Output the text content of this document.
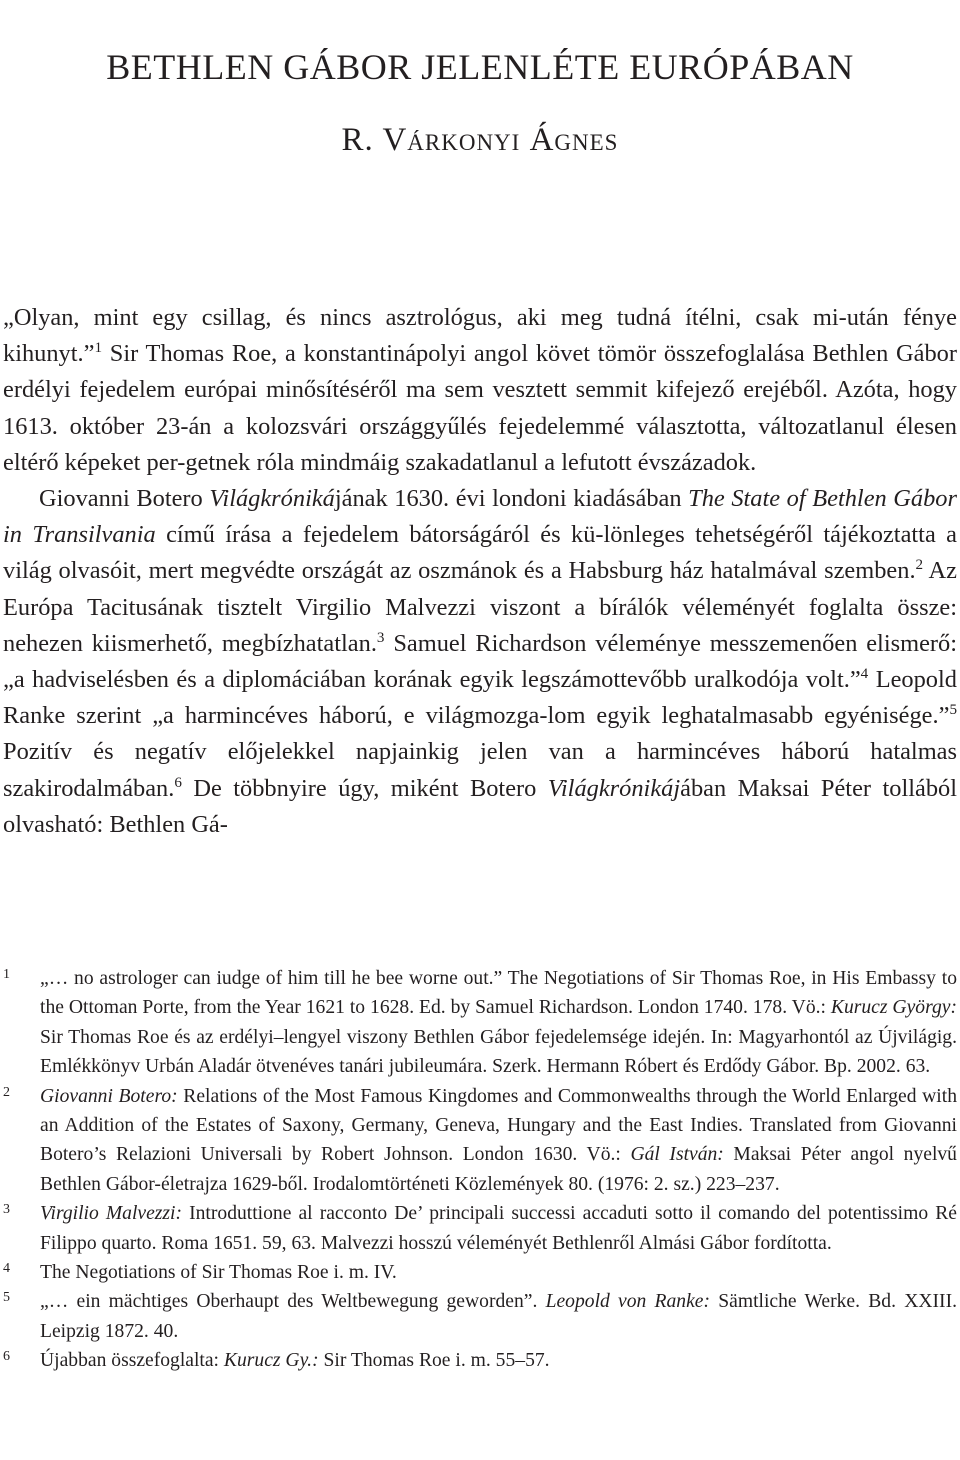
BETHLEN GÁBOR JELENLÉTE EURÓPÁBAN
R. Várkonyi Ágnes

„Olyan, mint egy csillag, és nincs asztrológus, aki meg tudná ítélni, csak mi-után fénye kihunyt.”$^1$ Sir Thomas Roe, a konstantinápolyi angol követ tömör összefoglalása Bethlen Gábor erdélyi fejedelem európai minősítéséről ma sem vesztett semmit kifejező erejéből. Azóta, hogy 1613. október 23-án a kolozsvári országgyűlés fejedelemmé választotta, változatlanul élesen eltérő képeket per-getnek róla mindmáig szakadatlanul a lefutott évszázadok.

Giovanni Botero Világkrónikájának 1630. évi londoni kiadásában The State of Bethlen Gábor in Transilvania című írása a fejedelem bátorságáról és kü-lönleges tehetségéről tájékoztatta a világ olvasóit, mert megvédte országát az oszmánok és a Habsburg ház hatalmával szemben.$^2$ Az Európa Tacitusának tisztelt Virgilio Malvezzi viszont a bírálók véleményét foglalta össze: nehezen kiismerhető, megbízhatatlan.$^3$ Samuel Richardson véleménye messzemenően elismerő: „a hadviselésben és a diplomáciában korának egyik legszámottevőbb uralkodója volt.”$^4$ Leopold Ranke szerint „a harmincéves háború, e világmozga-lom egyik leghatalmasabb egyénisége.”$^5$ Pozitív és negatív előjelekkel napjainkig jelen van a harmincéves háború hatalmas szakirodalmában.$^6$ De többnyire úgy, miként Botero Világkrónikájában Maksai Péter tollából olvasható: Bethlen Gá-

1 „… no astrologer can iudge of him till he bee worne out.” The Negotiations of Sir Thomas Roe, in His Embassy to the Ottoman Porte, from the Year 1621 to 1628. Ed. by Samuel Richardson. London 1740. 178. Vö.: Kurucz György: Sir Thomas Roe és az erdélyi–lengyel viszony Bethlen Gábor fejedelemsége idején. In: Magyarhontól az Újvilágig. Emlékkönyv Urbán Aladár ötvenéves tanári jubileumára. Szerk. Hermann Róbert és Erdődy Gábor. Bp. 2002. 63.

2 Giovanni Botero: Relations of the Most Famous Kingdomes and Commonwealths through the World Enlarged with an Addition of the Estates of Saxony, Germany, Geneva, Hungary and the East Indies. Translated from Giovanni Botero’s Relazioni Universali by Robert Johnson. London 1630. Vö.: Gál István: Maksai Péter angol nyelvű Bethlen Gábor-életrajza 1629-ből. Irodalomtörténeti Közlemények 80. (1976: 2. sz.) 223–237.

3 Virgilio Malvezzi: Introduttione al racconto De’ principali successi accaduti sotto il comando del potentissimo Ré Filippo quarto. Roma 1651. 59, 63. Malvezzi hosszú véleményét Bethlenről Almási Gábor fordította.

4 The Negotiations of Sir Thomas Roe i. m. IV.

5 „… ein mächtiges Oberhaupt des Weltbewegung geworden”. Leopold von Ranke: Sämtliche Werke. Bd. XXIII. Leipzig 1872. 40.

6 Újabban összefoglalta: Kurucz Gy.: Sir Thomas Roe i. m. 55–57.
